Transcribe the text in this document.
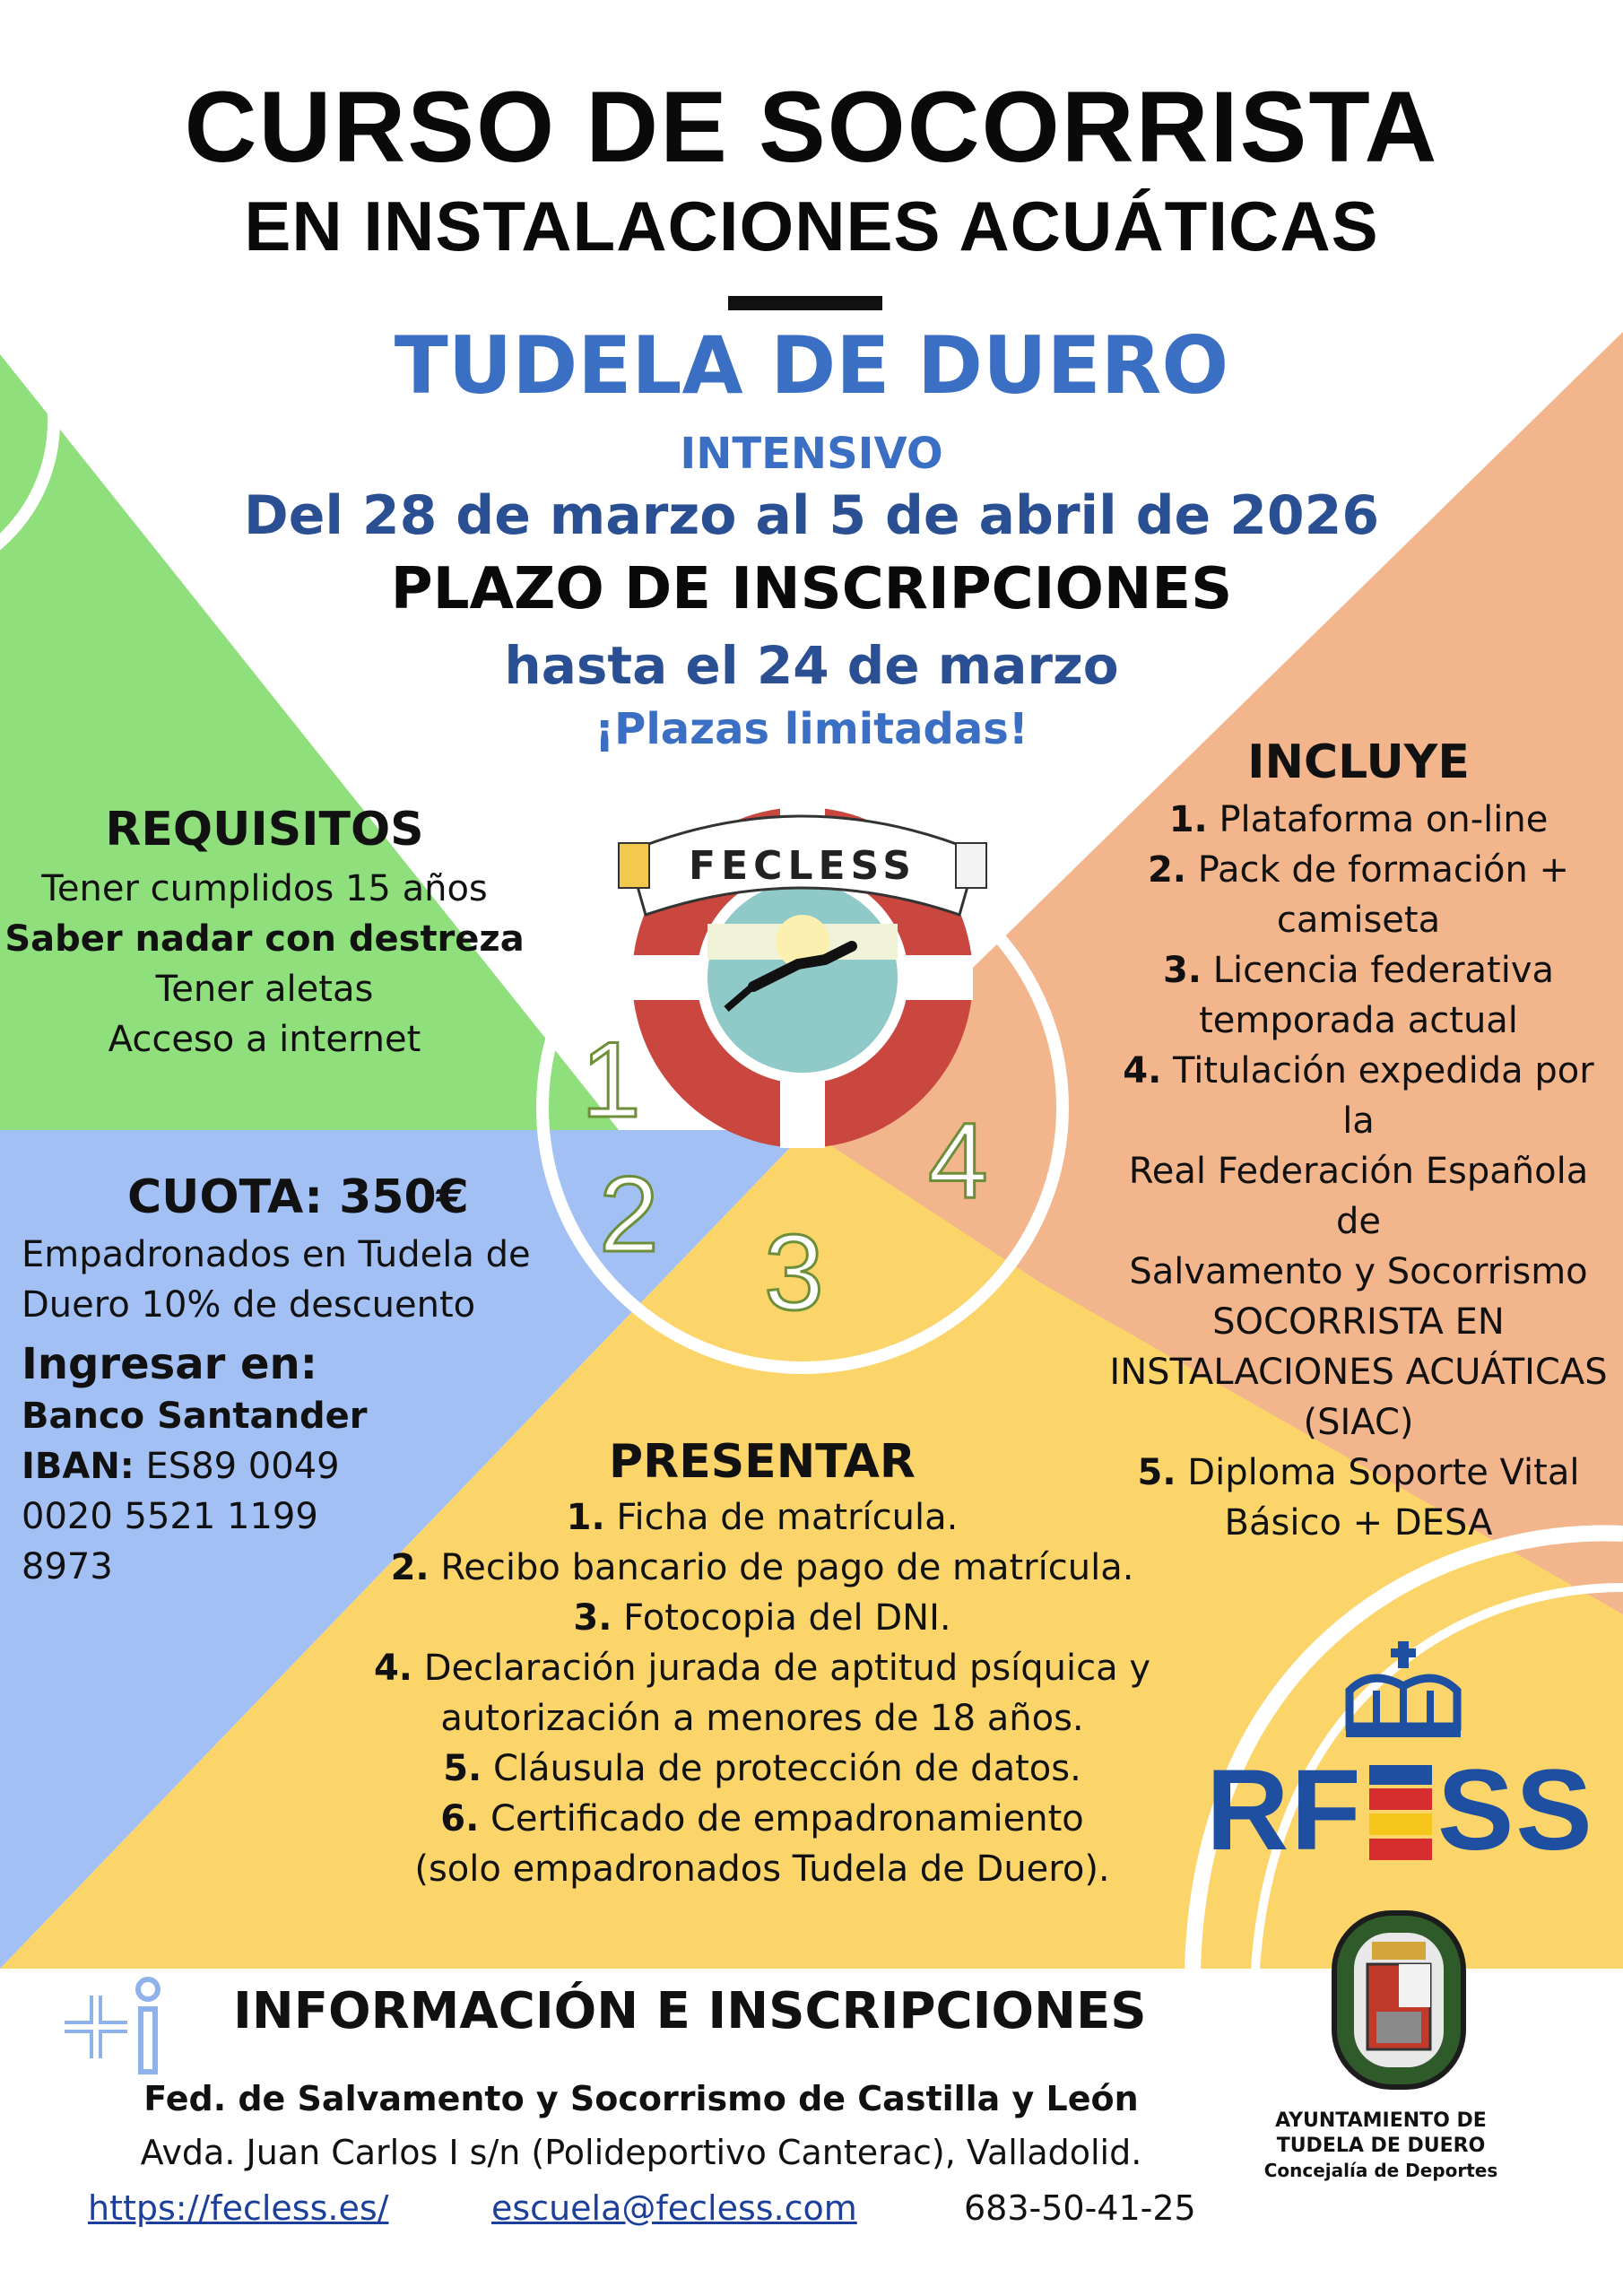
CURSO DE SOCORRISTA
EN INSTALACIONES ACUÁTICAS
TUDELA DE DUERO
INTENSIVO
Del 28 de marzo al 5 de abril de 2026
PLAZO DE INSCRIPCIONES
hasta el 24 de marzo
¡Plazas limitadas!
REQUISITOS
Tener cumplidos 15 años
Saber nadar con destreza
Tener aletas
Acceso a internet
CUOTA: 350€
Empadronados en Tudela de
Duero 10% de descuento
Ingresar en:
Banco Santander
IBAN: ES89 0049
0020 5521 1199
8973
INCLUYE
1. Plataforma on-line
2. Pack de formación +
camiseta
3. Licencia federativa
temporada actual
4. Titulación expedida por la
Real Federación Española de
Salvamento y Socorrismo
SOCORRISTA EN
INSTALACIONES ACUÁTICAS
(SIAC)
5. Diploma Soporte Vital
Básico + DESA
PRESENTAR
1. Ficha de matrícula.
2. Recibo bancario de pago de matrícula.
3. Fotocopia del DNI.
4. Declaración jurada de aptitud psíquica y
autorización a menores de 18 años.
5. Cláusula de protección de datos.
6. Certificado de empadronamiento
(solo empadronados Tudela de Duero).
FECLESS
1
2 3
4
RF SS
INFORMACIÓN E INSCRIPCIONES
Fed. de Salvamento y Socorrismo de Castilla y León
Avda. Juan Carlos I s/n (Polideportivo Canterac), Valladolid.
https://fecless.es/	escuela@fecless.com	683-50-41-25
AYUNTAMIENTO DE
TUDELA DE DUERO
Concejalía de Deportes
